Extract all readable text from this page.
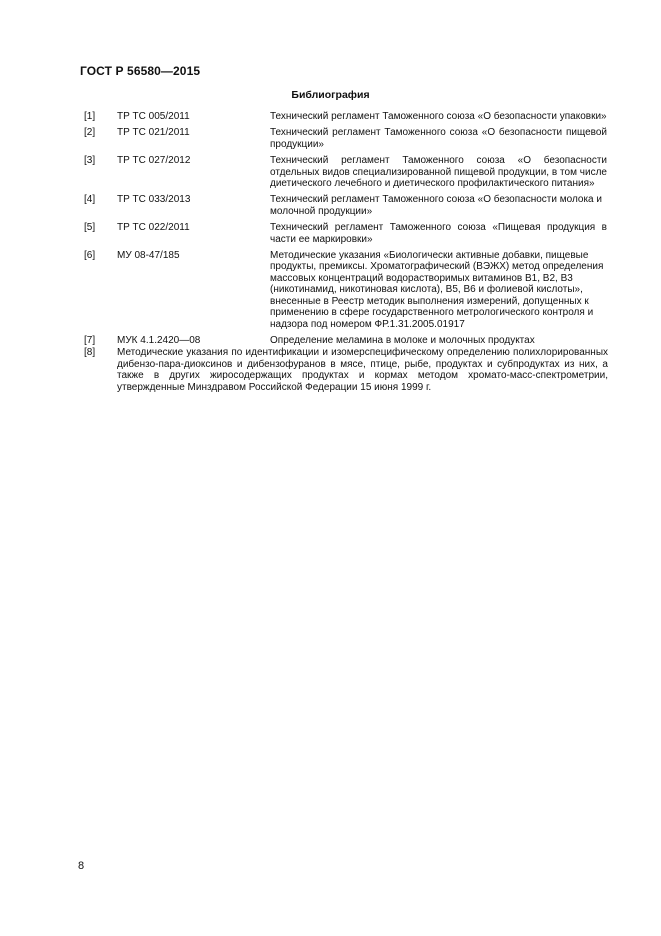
ГОСТ Р 56580—2015
Библиография
[1] ТР ТС 005/2011	Технический регламент Таможенного союза «О безопасности упаковки»
[2] ТР ТС 021/2011	Технический регламент Таможенного союза «О безопасности пищевой продукции»
[3] ТР ТС 027/2012	Технический регламент Таможенного союза «О безопасности отдельных видов специализированной пищевой продукции, в том числе диетического лечебного и диетического профилактического питания»
[4] ТР ТС 033/2013	Технический регламент Таможенного союза «О безопасности молока и молочной продукции»
[5] ТР ТС 022/2011	Технический регламент Таможенного союза «Пищевая продукция в части ее маркировки»
[6] МУ 08-47/185	Методические указания «Биологически активные добавки, пищевые продукты, премиксы. Хроматографический (ВЭЖХ) метод определения массовых концентраций водорастворимых витаминов В1, В2, В3 (никотинамид, никотиновая кислота), В5, В6 и фолиевой кислоты», внесенные в Реестр методик выполнения измерений, допущенных к применению в сфере государственного метрологического контроля и надзора под номером ФР.1.31.2005.01917
[7] МУК 4.1.2420—08	Определение меламина в молоке и молочных продуктах
[8] Методические указания по идентификации и изомерспецифическому определению полихлорированных дибензо-пара-диоксинов и дибензофуранов в мясе, птице, рыбе, продуктах и субпродуктах из них, а также в других жиросодержащих продуктах и кормах методом хромато-масс-спектрометрии, утвержденные Минздравом Российской Федерации 15 июня 1999 г.
8
